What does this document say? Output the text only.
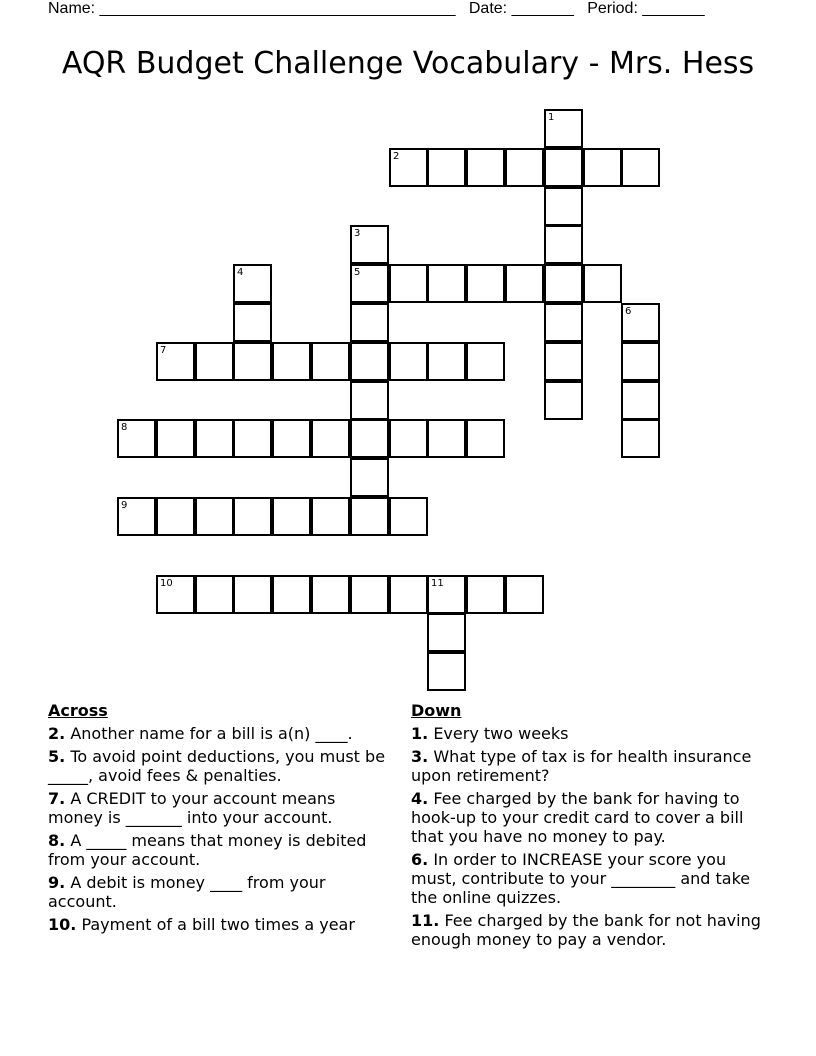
Name: ________________________________________ Date: _______ Period: _______
AQR Budget Challenge Vocabulary - Mrs. Hess
1
2
3
5
4
6
7
8
9
10	11
Across
2. Another name for a bill is a(n) ____.
5. To avoid point deductions, you must be _____, avoid fees & penalties.
7. A CREDIT to your account means money is _______ into your account.
8. A _____ means that money is debited from your account.
9. A debit is money ____ from your account.
10. Payment of a bill two times a year
Down
1. Every two weeks
3. What type of tax is for health insurance upon retirement?
4. Fee charged by the bank for having to hook-up to your credit card to cover a bill that you have no money to pay.
6. In order to INCREASE your score you must, contribute to your ________ and take the online quizzes.
11. Fee charged by the bank for not having enough money to pay a vendor.
